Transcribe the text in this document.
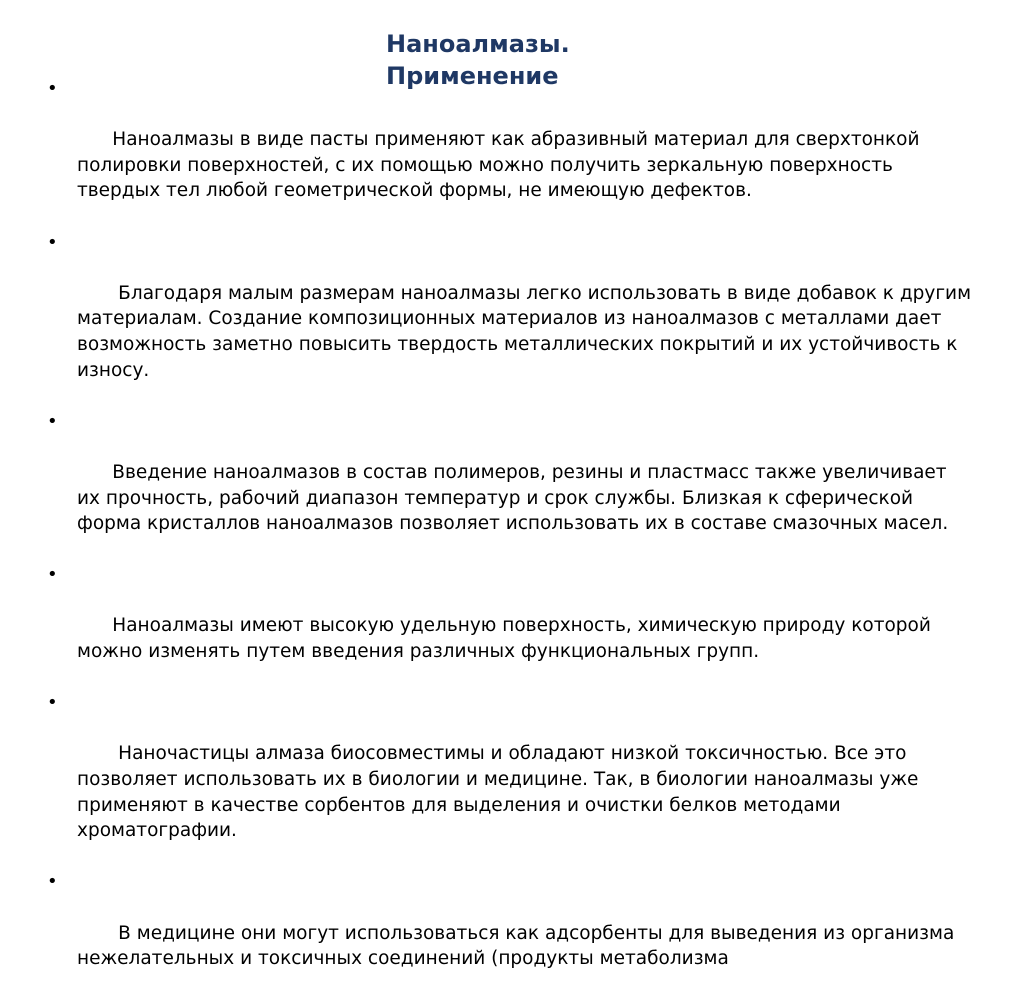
Наноалмазы. Применение

•

Наноалмазы в виде пасты применяют как абразивный материал для сверхтонкой полировки поверхностей, с их помощью можно получить зеркальную поверхность твердых тел любой геометрической формы, не имеющую дефектов.

•

Благодаря малым размерам наноалмазы легко использовать в виде добавок к другим материалам. Создание композиционных материалов из наноалмазов с металлами дает возможность заметно повысить твердость металлических покрытий и их устойчивость к износу.

•

Введение наноалмазов в состав полимеров, резины и пластмасс также увеличивает их прочность, рабочий диапазон температур и срок службы. Близкая к сферической форма кристаллов наноалмазов позволяет использовать их в составе смазочных масел.

•

Наноалмазы имеют высокую удельную поверхность, химическую природу которой можно изменять путем введения различных функциональных групп.

•

Наночастицы алмаза биосовместимы и обладают низкой токсичностью. Все это позволяет использовать их в биологии и медицине. Так, в биологии наноалмазы уже применяют в качестве сорбентов для выделения и очистки белков методами хроматографии.

•

В медицине они могут использоваться как адсорбенты для выведения из организма нежелательных и токсичных соединений (продукты метаболизма
